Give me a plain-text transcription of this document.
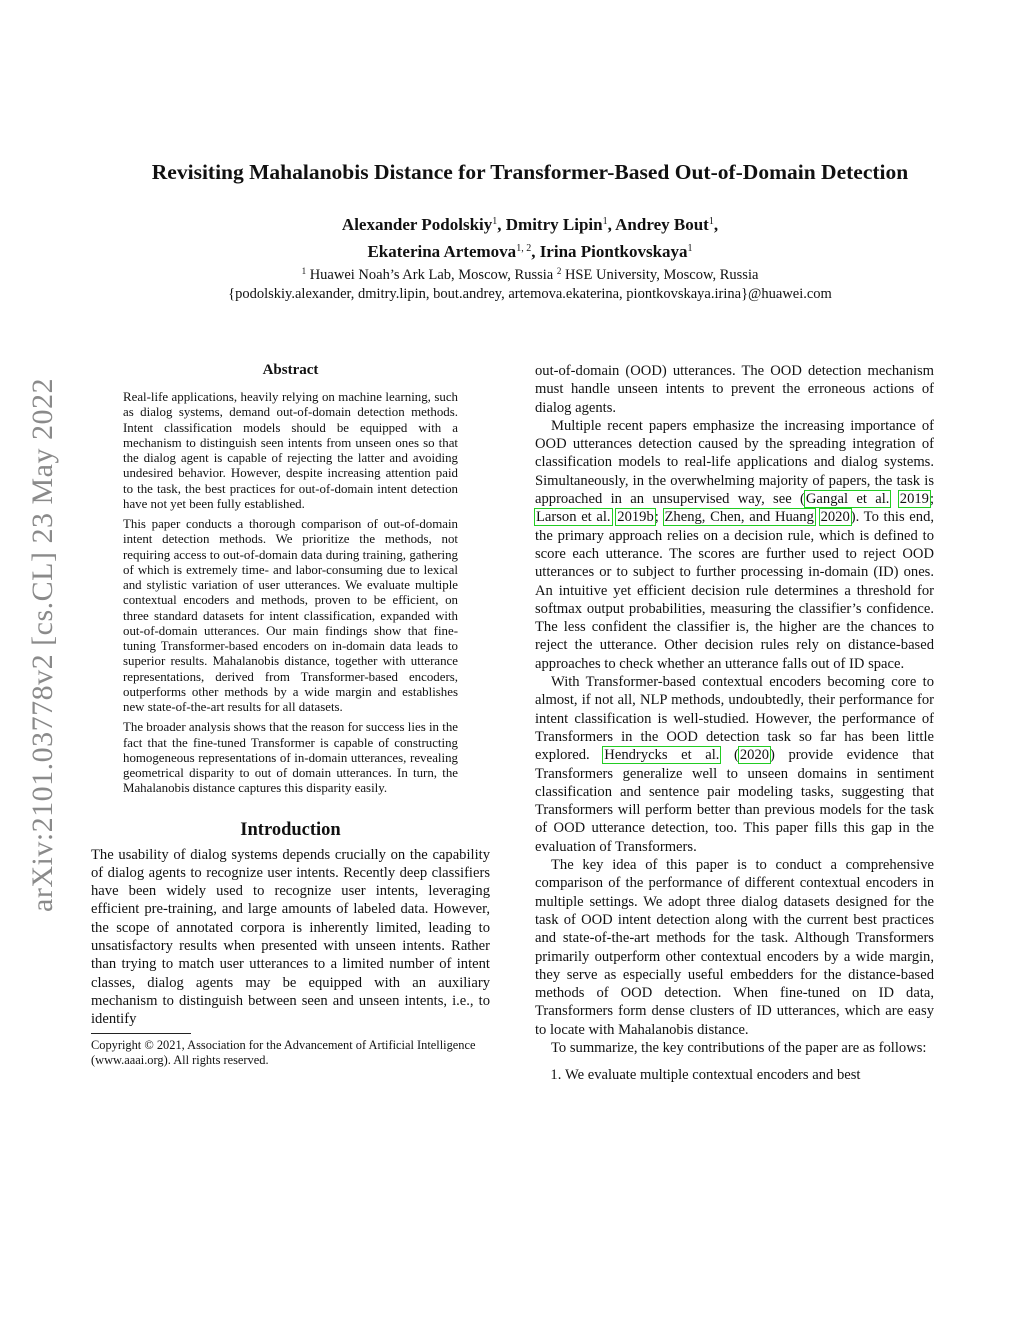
arXiv:2101.03778v2 [cs.CL] 23 May 2022
Revisiting Mahalanobis Distance for Transformer-Based Out-of-Domain Detection
Alexander Podolskiy$^1$, Dmitry Lipin$^1$, Andrey Bout$^1$,
Ekaterina Artemova$^{1, 2}$, Irina Piontkovskaya$^1$
$^1$ Huawei Noah’s Ark Lab, Moscow, Russia $^2$ HSE University, Moscow, Russia
{podolskiy.alexander, dmitry.lipin, bout.andrey, artemova.ekaterina, piontkovskaya.irina}@huawei.com
Abstract

Real-life applications, heavily relying on machine learning, such as dialog systems, demand out-of-domain detection methods. Intent classification models should be equipped with a mechanism to distinguish seen intents from unseen ones so that the dialog agent is capable of rejecting the latter and avoiding undesired behavior. However, despite increasing attention paid to the task, the best practices for out-of-domain intent detection have not yet been fully established.

This paper conducts a thorough comparison of out-of-domain intent detection methods. We prioritize the methods, not requiring access to out-of-domain data during training, gathering of which is extremely time- and labor-consuming due to lexical and stylistic variation of user utterances. We evaluate multiple contextual encoders and methods, proven to be efficient, on three standard datasets for intent classification, expanded with out-of-domain utterances. Our main findings show that fine-tuning Transformer-based encoders on in-domain data leads to superior results. Mahalanobis distance, together with utterance representations, derived from Transformer-based encoders, outperforms other methods by a wide margin and establishes new state-of-the-art results for all datasets.

The broader analysis shows that the reason for success lies in the fact that the fine-tuned Transformer is capable of constructing homogeneous representations of in-domain utterances, revealing geometrical disparity to out of domain utterances. In turn, the Mahalanobis distance captures this disparity easily.

Introduction

The usability of dialog systems depends crucially on the capability of dialog agents to recognize user intents. Recently deep classifiers have been widely used to recognize user intents, leveraging efficient pre-training, and large amounts of labeled data. However, the scope of annotated corpora is inherently limited, leading to unsatisfactory results when presented with unseen intents. Rather than trying to match user utterances to a limited number of intent classes, dialog agents may be equipped with an auxiliary mechanism to distinguish between seen and unseen intents, i.e., to identify

Copyright © 2021, Association for the Advancement of Artificial Intelligence (www.aaai.org). All rights reserved.

out-of-domain (OOD) utterances. The OOD detection mechanism must handle unseen intents to prevent the erroneous actions of dialog agents.

Multiple recent papers emphasize the increasing importance of OOD utterances detection caused by the spreading integration of classification models to real-life applications and dialog systems. Simultaneously, in the overwhelming majority of papers, the task is approached in an unsupervised way, see (Gangal et al. 2019; Larson et al. 2019b; Zheng, Chen, and Huang 2020). To this end, the primary approach relies on a decision rule, which is defined to score each utterance. The scores are further used to reject OOD utterances or to subject to further processing in-domain (ID) ones. An intuitive yet efficient decision rule determines a threshold for softmax output probabilities, measuring the classifier’s confidence. The less confident the classifier is, the higher are the chances to reject the utterance. Other decision rules rely on distance-based approaches to check whether an utterance falls out of ID space.

With Transformer-based contextual encoders becoming core to almost, if not all, NLP methods, undoubtedly, their performance for intent classification is well-studied. However, the performance of Transformers in the OOD detection task so far has been little explored. Hendrycks et al. (2020) provide evidence that Transformers generalize well to unseen domains in sentiment classification and sentence pair modeling tasks, suggesting that Transformers will perform better than previous models for the task of OOD utterance detection, too. This paper fills this gap in the evaluation of Transformers.

The key idea of this paper is to conduct a comprehensive comparison of the performance of different contextual encoders in multiple settings. We adopt three dialog datasets designed for the task of OOD intent detection along with the current best practices and state-of-the-art methods for the task. Although Transformers primarily outperform other contextual encoders by a wide margin, they serve as especially useful embedders for the distance-based methods of OOD detection. When fine-tuned on ID data, Transformers form dense clusters of ID utterances, which are easy to locate with Mahalanobis distance.

To summarize, the key contributions of the paper are as follows:

1. We evaluate multiple contextual encoders and best
